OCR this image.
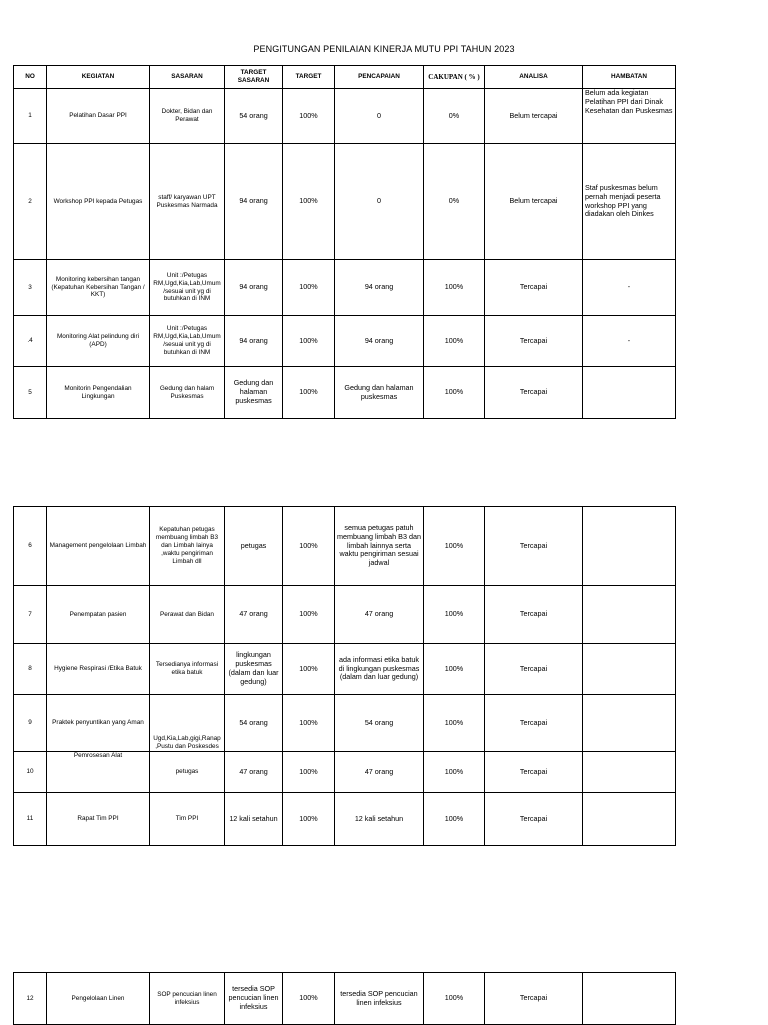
PENGITUNGAN PENILAIAN KINERJA MUTU PPI TAHUN 2023
NO	KEGIATAN	SASARAN	TARGET SASARAN	TARGET	PENCAPAIAN	CAKUPAN ( % )	ANALISA	HAMBATAN
1	Pelatihan Dasar PPI	Dokter, Bidan dan Perawat	54 orang	100%	0	0%	Belum tercapai	Belum ada kegiatan Pelatihan PPI dari Dinak Kesehatan dan Puskesmas
2	Workshop PPI kepada Petugas	staff/ karyawan UPT Puskesmas Narmada	94 orang	100%	0	0%	Belum tercapai	Staf puskesmas belum pernah menjadi peserta workshop PPI yang diadakan oleh Dinkes
3	Monitoring kebersihan tangan (Kepatuhan Kebersihan Tangan / KKT)	Unit :/Petugas RM,Ugd,Kia,Lab,Umum /sesuai unit yg di butuhkan di INM	94 orang	100%	94 orang	100%	Tercapai	-
.4	Monitoring Alat pelindung diri (APD)	Unit :/Petugas RM,Ugd,Kia,Lab,Umum /sesuai unit yg di butuhkan di INM	94 orang	100%	94 orang	100%	Tercapai	-
5	Monitorin Pengendalian Lingkungan	Gedung dan halam Puskesmas	Gedung dan halaman puskesmas	100%	Gedung dan halaman puskesmas	100%	Tercapai	
6	Management pengelolaan Limbah	Kepatuhan petugas membuang limbah B3 dan Limbah lainya ,waktu pengiriman Limbah dll	petugas	100%	semua petugas patuh membuang limbah B3 dan limbah lainnya serta waktu pengiriman sesuai jadwal	100%	Tercapai	
7	Penempatan pasien	Perawat dan Bidan	47 orang	100%	47 orang	100%	Tercapai	
8	Hygiene Respirasi /Etika Batuk	Tersedianya informasi etika batuk	lingkungan puskesmas (dalam dan luar gedung)	100%	ada informasi etika batuk di lingkungan puskesmas (dalam dan luar gedung)	100%	Tercapai	
9	Praktek penyuntikan yang Aman	Ugd,Kia,Lab,gigi,Ranap ,Pustu dan Poskesdes	54 orang	100%	54 orang	100%	Tercapai	
10	Pemrosesan Alat	petugas	47 orang	100%	47 orang	100%	Tercapai	
11	Rapat Tim PPI	Tim PPI	12 kali setahun	100%	12 kali setahun	100%	Tercapai	
12	Pengelolaan Linen	SOP pencucian linen infeksius	tersedia SOP pencucian linen infeksius	100%	tersedia SOP pencucian linen infeksius	100%	Tercapai	
